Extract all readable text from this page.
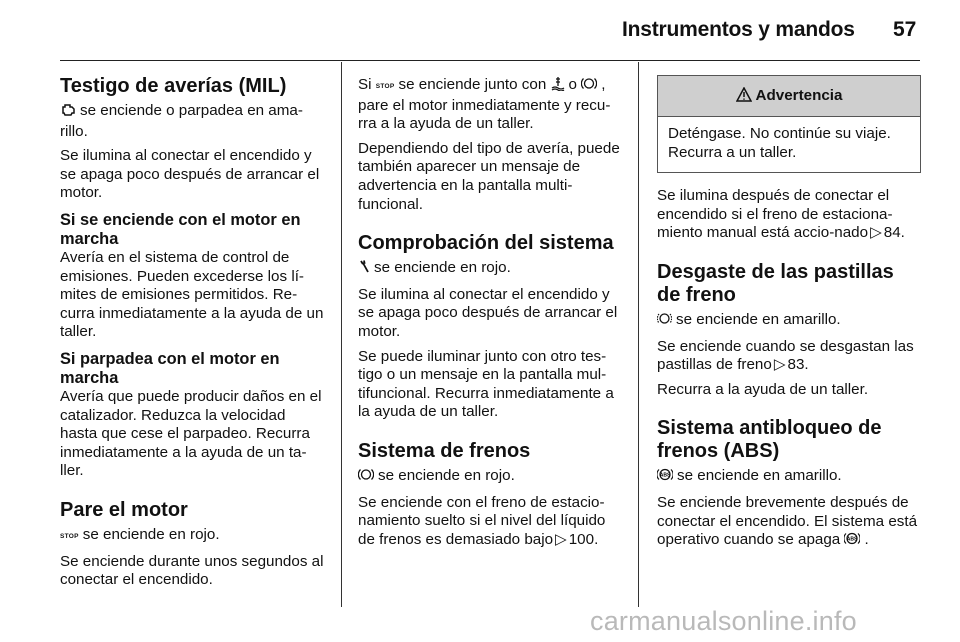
Instrumentos y mandos 57
Testigo de averías (MIL)

se enciende o parpadea en ama-rillo.

Se ilumina al conectar el encendido y se apaga poco después de arrancar el motor.

Si se enciende con el motor en marcha

Avería en el sistema de control de emisiones. Pueden excederse los lí-mites de emisiones permitidos. Re-curra inmediatamente a la ayuda de un taller.

Si parpadea con el motor en marcha

Avería que puede producir daños en el catalizador. Reduzca la velocidad hasta que cese el parpadeo. Recurra inmediatamente a la ayuda de un ta-ller.

Pare el motor

STOP se enciende en rojo.

Se enciende durante unos segundos al conectar el encendido.

Si STOP se enciende junto con o , pare el motor inmediatamente y recu-rra a la ayuda de un taller.

Dependiendo del tipo de avería, puede también aparecer un mensaje de advertencia en la pantalla multi-funcional.

Comprobación del sistema

se enciende en rojo.

Se ilumina al conectar el encendido y se apaga poco después de arrancar el motor.

Se puede iluminar junto con otro tes-tigo o un mensaje en la pantalla mul-tifuncional. Recurra inmediatamente a la ayuda de un taller.

Sistema de frenos

se enciende en rojo.

Se enciende con el freno de estacio-namiento suelto si el nivel del líquido de frenos es demasiado bajo ▷ 100.

Advertencia
Deténgase. No continúe su viaje. Recurra a un taller.

Se ilumina después de conectar el encendido si el freno de estaciona-miento manual está accio-nado ▷ 84.

Desgaste de las pastillas de freno

se enciende en amarillo.

Se enciende cuando se desgastan las pastillas de freno ▷ 83.

Recurra a la ayuda de un taller.

Sistema antibloqueo de frenos (ABS)

ABS se enciende en amarillo.

Se enciende brevemente después de conectar el encendido. El sistema está operativo cuando se apaga ABS .

carmanualsonline.info
